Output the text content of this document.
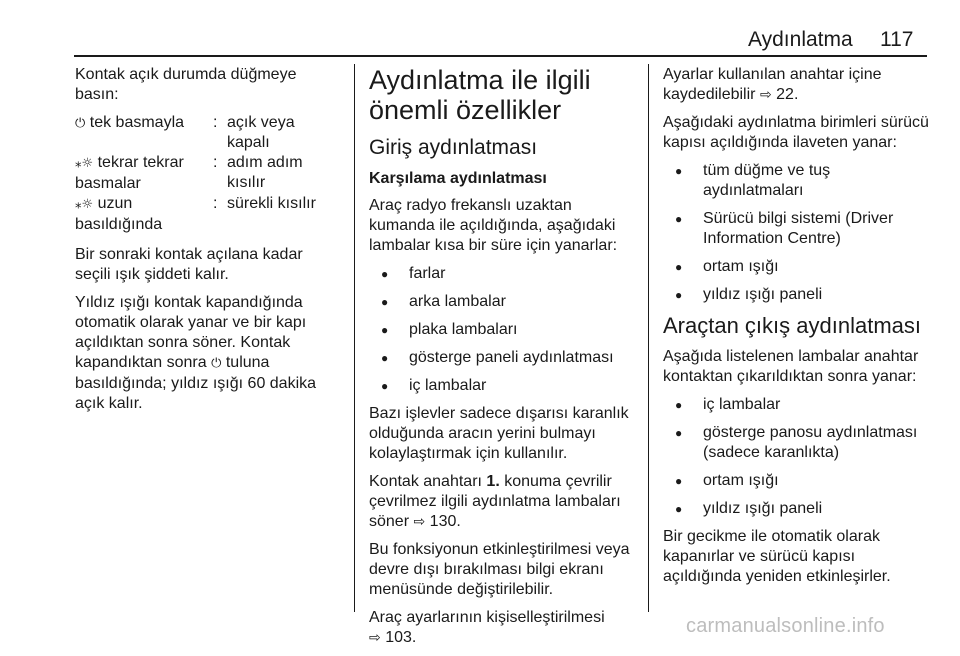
Aydınlatma 117

Kontak açık durumda düğmeye basın:

⏻ tek basmayla	: açık veya kapalı
⁎☼ tekrar tekrar basmalar
: adım adım kısılır
⁎☼ uzun basıldığında
: sürekli kısılır

Bir sonraki kontak açılana kadar seçili ışık şiddeti kalır.

Yıldız ışığı kontak kapandığında otomatik olarak yanar ve bir kapı açıldıktan sonra söner. Kontak kapandıktan sonra ⏻ tuluna basıldığında; yıldız ışığı 60 dakika açık kalır.

Aydınlatma ile ilgili önemli özellikler
Giriş aydınlatması
Karşılama aydınlatması

Araç radyo frekanslı uzaktan kumanda ile açıldığında, aşağıdaki lambalar kısa bir süre için yanarlar:

● farlar
● arka lambalar
● plaka lambaları
● gösterge paneli aydınlatması
● iç lambalar

Bazı işlevler sadece dışarısı karanlık olduğunda aracın yerini bulmayı kolaylaştırmak için kullanılır.

Kontak anahtarı 1. konuma çevrilir çevrilmez ilgili aydınlatma lambaları söner ⇨ 130.

Bu fonksiyonun etkinleştirilmesi veya devre dışı bırakılması bilgi ekranı menüsünde değiştirilebilir.

Araç ayarlarının kişiselleştirilmesi
⇨ 103.

Ayarlar kullanılan anahtar içine kaydedilebilir ⇨ 22.

Aşağıdaki aydınlatma birimleri sürücü kapısı açıldığında ilaveten yanar:

● tüm düğme ve tuş aydınlatmaları
● Sürücü bilgi sistemi (Driver Information Centre)
● ortam ışığı
● yıldız ışığı paneli
Araçtan çıkış aydınlatması

Aşağıda listelenen lambalar anahtar kontaktan çıkarıldıktan sonra yanar:

● iç lambalar
● gösterge panosu aydınlatması (sadece karanlıkta)
● ortam ışığı
● yıldız ışığı paneli

Bir gecikme ile otomatik olarak kapanırlar ve sürücü kapısı açıldığında yeniden etkinleşirler.

carmanualsonline.info
